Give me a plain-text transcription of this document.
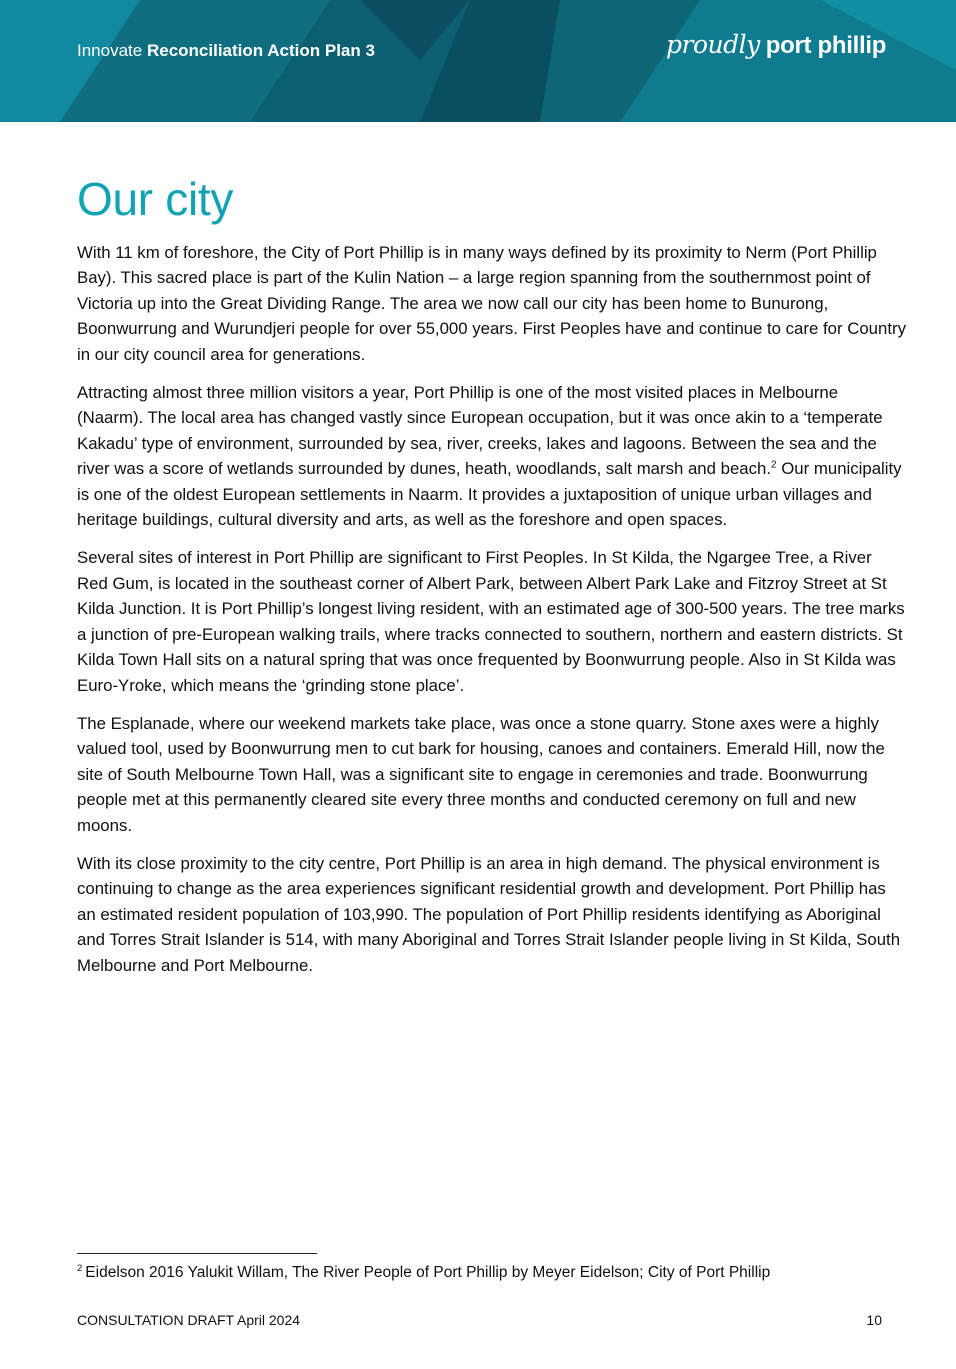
Innovate Reconciliation Action Plan 3	proudly port phillip
Our city

With 11 km of foreshore, the City of Port Phillip is in many ways defined by its proximity to Nerm (Port Phillip Bay). This sacred place is part of the Kulin Nation – a large region spanning from the southernmost point of Victoria up into the Great Dividing Range. The area we now call our city has been home to Bunurong, Boonwurrung and Wurundjeri people for over 55,000 years. First Peoples have and continue to care for Country in our city council area for generations.

Attracting almost three million visitors a year, Port Phillip is one of the most visited places in Melbourne (Naarm). The local area has changed vastly since European occupation, but it was once akin to a ‘temperate Kakadu’ type of environment, surrounded by sea, river, creeks, lakes and lagoons. Between the sea and the river was a score of wetlands surrounded by dunes, heath, woodlands, salt marsh and beach.$^2$ Our municipality is one of the oldest European settlements in Naarm. It provides a juxtaposition of unique urban villages and heritage buildings, cultural diversity and arts, as well as the foreshore and open spaces.

Several sites of interest in Port Phillip are significant to First Peoples. In St Kilda, the Ngargee Tree, a River Red Gum, is located in the southeast corner of Albert Park, between Albert Park Lake and Fitzroy Street at St Kilda Junction. It is Port Phillip’s longest living resident, with an estimated age of 300-500 years. The tree marks a junction of pre-European walking trails, where tracks connected to southern, northern and eastern districts. St Kilda Town Hall sits on a natural spring that was once frequented by Boonwurrung people. Also in St Kilda was Euro-Yroke, which means the ‘grinding stone place’.

The Esplanade, where our weekend markets take place, was once a stone quarry. Stone axes were a highly valued tool, used by Boonwurrung men to cut bark for housing, canoes and containers. Emerald Hill, now the site of South Melbourne Town Hall, was a significant site to engage in ceremonies and trade. Boonwurrung people met at this permanently cleared site every three months and conducted ceremony on full and new moons.

With its close proximity to the city centre, Port Phillip is an area in high demand. The physical environment is continuing to change as the area experiences significant residential growth and development. Port Phillip has an estimated resident population of 103,990. The population of Port Phillip residents identifying as Aboriginal and Torres Strait Islander is 514, with many Aboriginal and Torres Strait Islander people living in St Kilda, South Melbourne and Port Melbourne.

$^2$ Eidelson 2016 Yalukit Willam, The River People of Port Phillip by Meyer Eidelson; City of Port Phillip
CONSULTATION DRAFT April 2024	10
